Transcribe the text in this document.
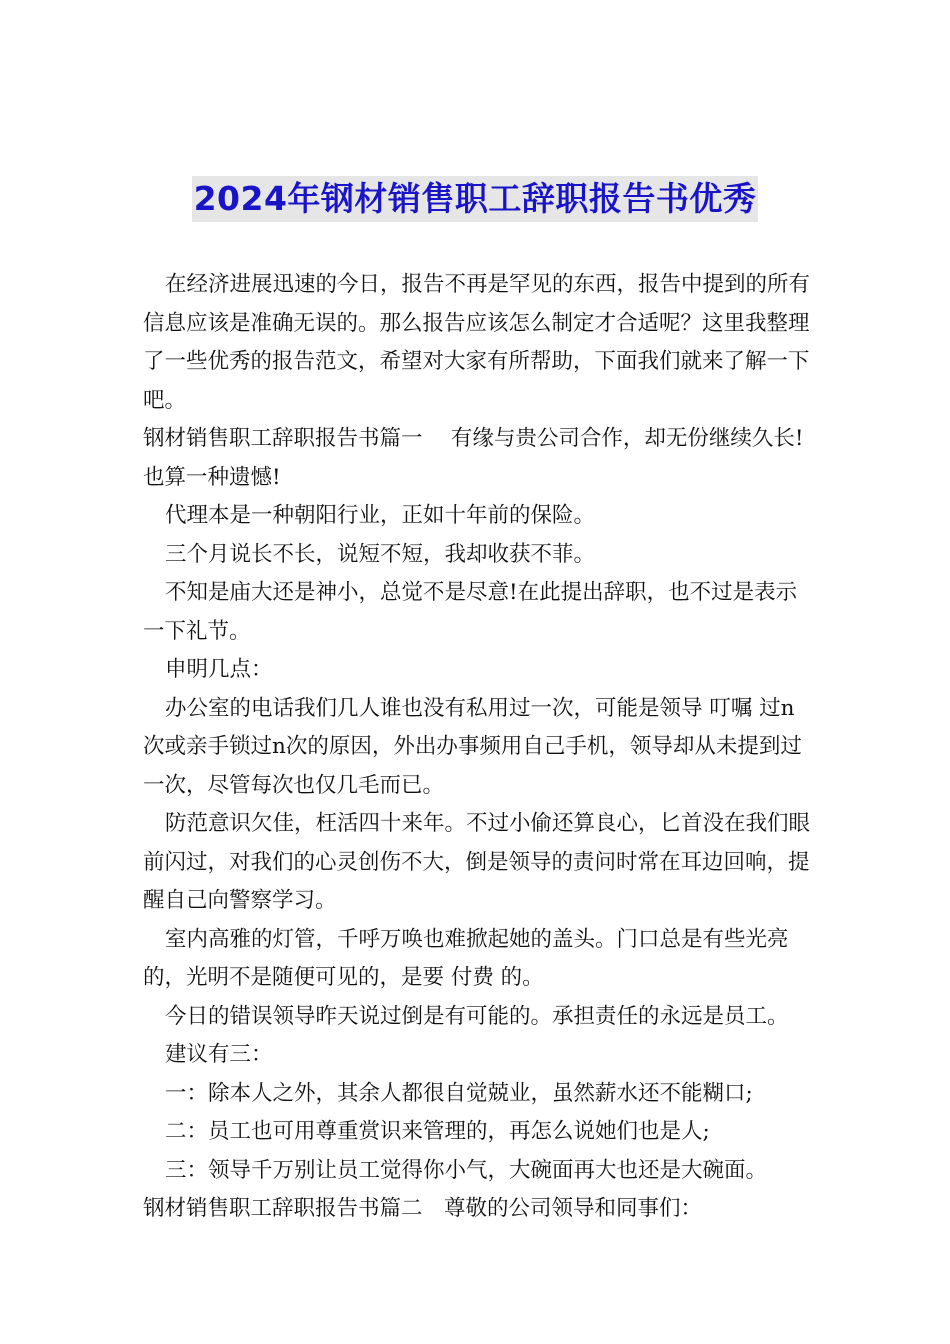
2024年钢材销售职工辞职报告书优秀

在经济进展迅速的今日，报告不再是罕见的东西，报告中提到的所有信息应该是准确无误的。那么报告应该怎么制定才合适呢？这里我整理了一些优秀的报告范文，希望对大家有所帮助，下面我们就来了解一下吧。

钢材销售职工辞职报告书篇一　 有缘与贵公司合作，却无份继续久长!也算一种遗憾!

代理本是一种朝阳行业，正如十年前的保险。

三个月说长不长，说短不短，我却收获不菲。

不知是庙大还是神小，总觉不是尽意!在此提出辞职，也不过是表示一下礼节。

申明几点：

办公室的电话我们几人谁也没有私用过一次，可能是领导 叮嘱 过n次或亲手锁过n次的原因，外出办事频用自己手机，领导却从未提到过一次，尽管每次也仅几毛而已。

防范意识欠佳，枉活四十来年。不过小偷还算良心，匕首没在我们眼前闪过，对我们的心灵创伤不大，倒是领导的责问时常在耳边回响，提醒自己向警察学习。

室内高雅的灯管，千呼万唤也难掀起她的盖头。门口总是有些光亮的，光明不是随便可见的，是要 付费 的。

今日的错误领导昨天说过倒是有可能的。承担责任的永远是员工。

建议有三：

一：除本人之外，其余人都很自觉兢业，虽然薪水还不能糊口;

二：员工也可用尊重赏识来管理的，再怎么说她们也是人;

三：领导千万别让员工觉得你小气，大碗面再大也还是大碗面。

钢材销售职工辞职报告书篇二　尊敬的公司领导和同事们：
